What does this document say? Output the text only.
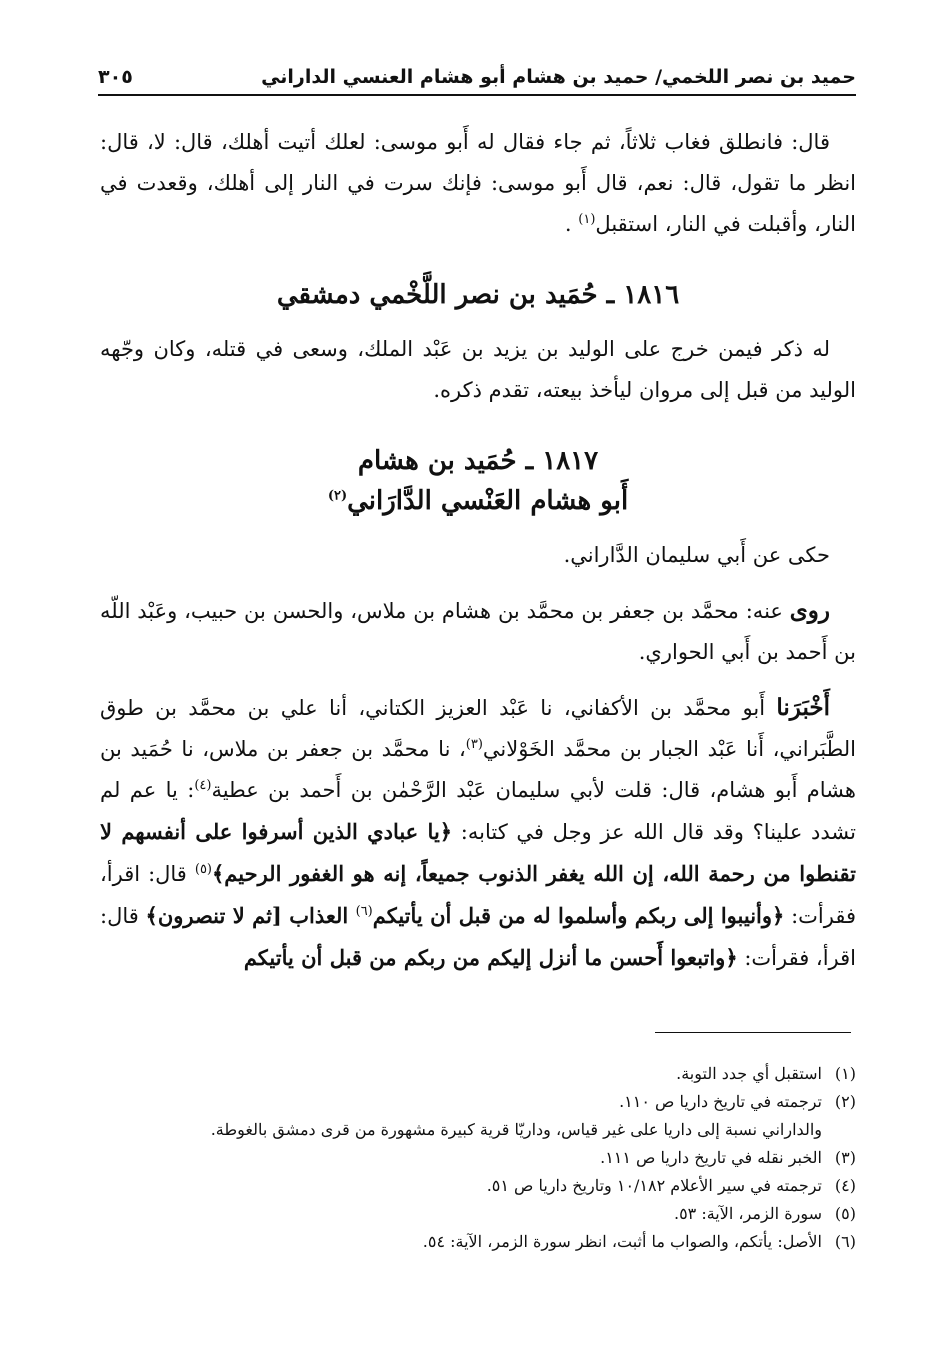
حميد بن نصر اللخمي/ حميد بن هشام أبو هشام العنسي الداراني
٣٠٥

قال: فانطلق فغاب ثلاثاً، ثم جاء فقال له أَبو موسى: لعلك أتيت أهلك، قال: لا، قال: انظر ما تقول، قال: نعم، قال أَبو موسى: فإنك سرت في النار إلى أهلك، وقعدت في النار، وأقبلت في النار، استقبل$^{(١)}$ .

١٨١٦ ـ حُمَيد بن نصر اللَّخْمي دمشقي

له ذكر فيمن خرج على الوليد بن يزيد بن عَبْد الملك، وسعى في قتله، وكان وجّهه الوليد من قبل إلى مروان ليأخذ بيعته، تقدم ذكره.

١٨١٧ ـ حُمَيد بن هشام

أَبو هشام العَنْسي الدَّارَاني$^{(٢)}$

حكى عن أَبي سليمان الدَّاراني.

روى عنه: محمَّد بن جعفر بن محمَّد بن هشام بن ملاس، والحسن بن حبيب، وعَبْد اللّه بن أَحمد بن أَبي الحواري.

أَخْبَرَنا أَبو محمَّد بن الأكفاني، نا عَبْد العزيز الكتاني، أنا علي بن محمَّد بن طوق الطَّبَراني، أَنا عَبْد الجبار بن محمَّد الخَوْلاني$^{(٣)}$، نا محمَّد بن جعفر بن ملاس، نا حُمَيد بن هشام أَبو هشام، قال: قلت لأبي سليمان عَبْد الرَّحْمٰن بن أَحمد بن عطية$^{(٤)}$: يا عم لم تشدد علينا؟ وقد قال الله عز وجل في كتابه: ﴿يا عبادي الذين أسرفوا على أنفسهم لا تقنطوا من رحمة الله، إن الله يغفر الذنوب جميعاً، إنه هو الغفور الرحيم﴾$^{(٥)}$ قال: اقرأ، فقرأت: ﴿وأنيبوا إلى ربكم وأسلموا له من قبل أن يأتيكم$^{(٦)}$ العذاب [ثم لا تنصرون﴾ قال: اقرأ، فقرأت: ﴿واتبعوا أَحسن ما أنزل إليكم من ربكم من قبل أن يأتيكم

(١)
استقبل أي جدد التوبة.
(٢)
ترجمته في تاريخ داريا ص ١١٠.
والداراني نسبة إلى داريا على غير قياس، وداريّا قرية كبيرة مشهورة من قرى دمشق بالغوطة.
(٣)
الخبر نقله في تاريخ داريا ص ١١١.
(٤)
ترجمته في سير الأعلام ١٠/١٨٢ وتاريخ داريا ص ٥١.
(٥)
سورة الزمر، الآية: ٥٣.
(٦)
الأصل: يأتكم، والصواب ما أثبت، انظر سورة الزمر، الآية: ٥٤.
